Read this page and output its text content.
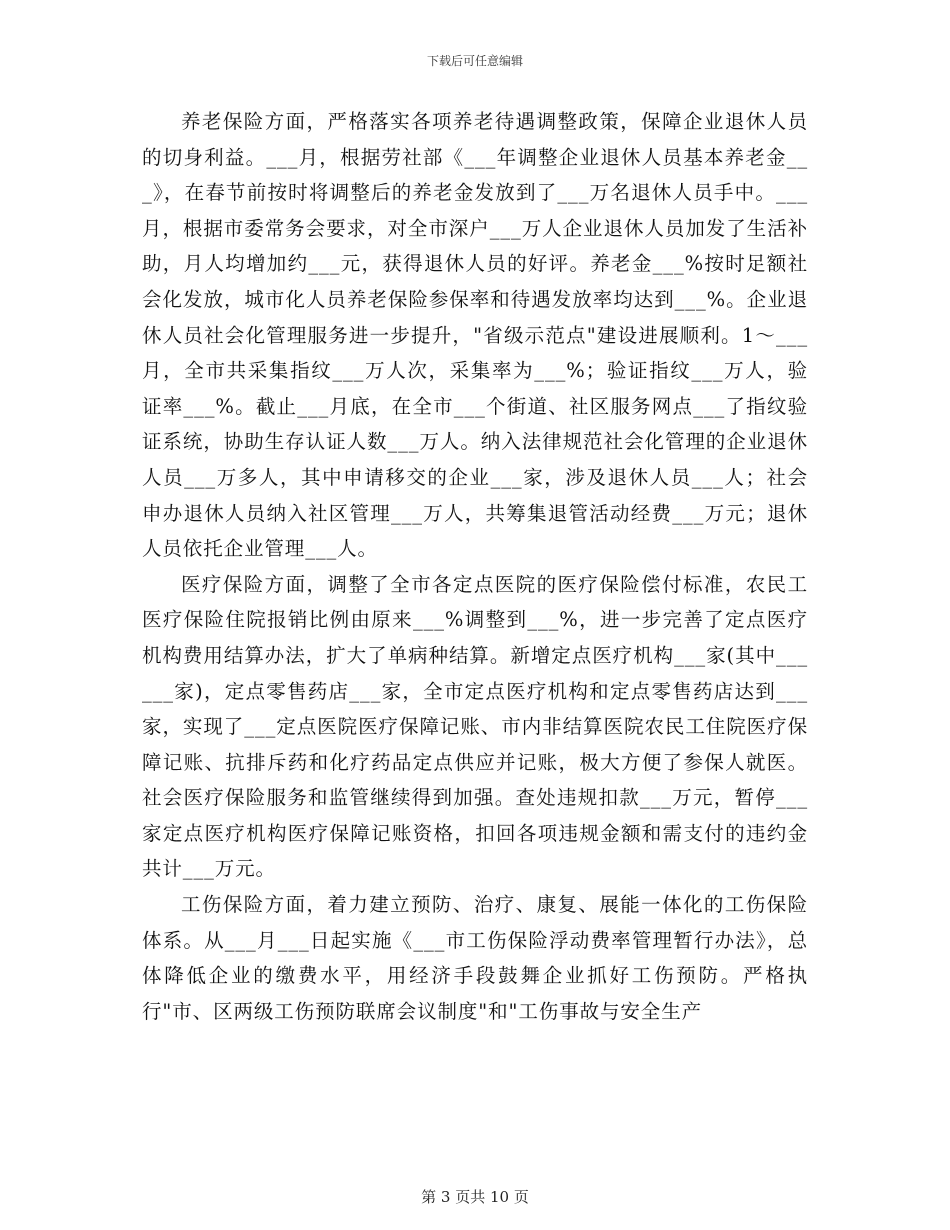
下载后可任意编辑

养老保险方面，严格落实各项养老待遇调整政策，保障企业退休人员的切身利益。___月，根据劳社部《___年调整企业退休人员基本养老金___》，在春节前按时将调整后的养老金发放到了___万名退休人员手中。___月，根据市委常务会要求，对全市深户___万人企业退休人员加发了生活补助，月人均增加约___元，获得退休人员的好评。养老金___%按时足额社会化发放，城市化人员养老保险参保率和待遇发放率均达到___%。企业退休人员社会化管理服务进一步提升，"省级示范点"建设进展顺利。1～___月，全市共采集指纹___万人次，采集率为___%；验证指纹___万人，验证率___%。截止___月底，在全市___个街道、社区服务网点___了指纹验证系统，协助生存认证人数___万人。纳入法律规范社会化管理的企业退休人员___万多人，其中申请移交的企业___家，涉及退休人员___人；社会申办退休人员纳入社区管理___万人，共筹集退管活动经费___万元；退休人员依托企业管理___人。

医疗保险方面，调整了全市各定点医院的医疗保险偿付标准，农民工医疗保险住院报销比例由原来___%调整到___%，进一步完善了定点医疗机构费用结算办法，扩大了单病种结算。新增定点医疗机构___家(其中______家)，定点零售药店___家，全市定点医疗机构和定点零售药店达到___家，实现了___定点医院医疗保障记账、市内非结算医院农民工住院医疗保障记账、抗排斥药和化疗药品定点供应并记账，极大方便了参保人就医。社会医疗保险服务和监管继续得到加强。查处违规扣款___万元，暂停___家定点医疗机构医疗保障记账资格，扣回各项违规金额和需支付的违约金共计___万元。

工伤保险方面，着力建立预防、治疗、康复、展能一体化的工伤保险体系。从___月___日起实施《___市工伤保险浮动费率管理暂行办法》，总体降低企业的缴费水平，用经济手段鼓舞企业抓好工伤预防。严格执行"市、区两级工伤预防联席会议制度"和"工伤事故与安全生产

第 3 页共 10 页
